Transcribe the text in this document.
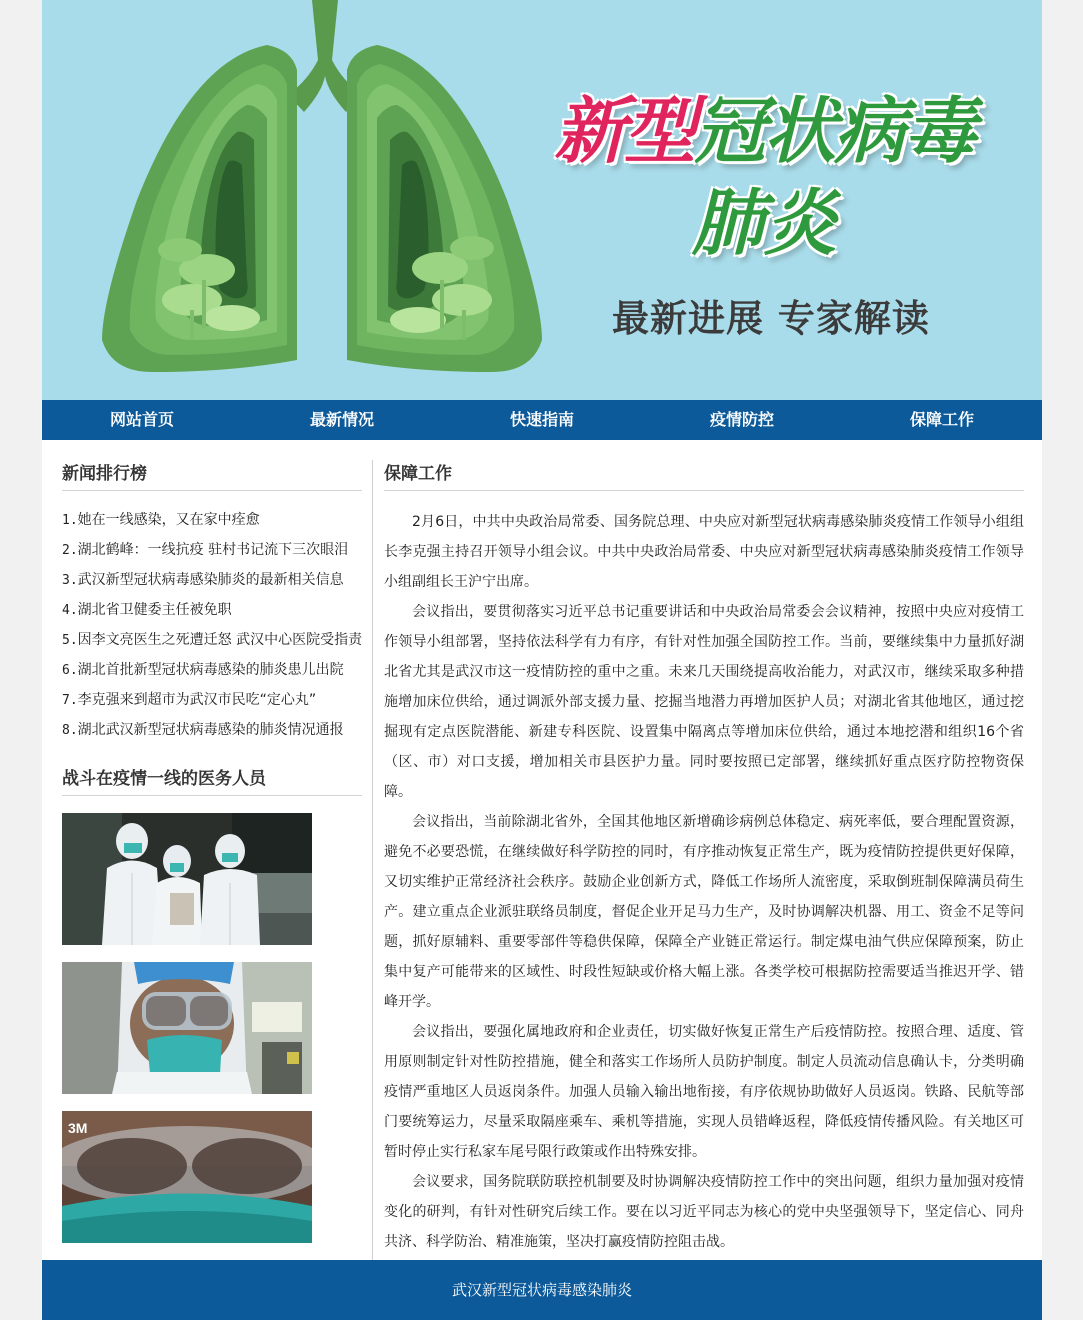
新型冠状病毒
肺炎
最新进展 专家解读
网站首页	最新情况	快速指南	疫情防控	保障工作
新闻排行榜
1.她在一线感染，又在家中痊愈
2.湖北鹤峰：一线抗疫 驻村书记流下三次眼泪
3.武汉新型冠状病毒感染肺炎的最新相关信息
4.湖北省卫健委主任被免职
5.因李文亮医生之死遭迁怒 武汉中心医院受指责
6.湖北首批新型冠状病毒感染的肺炎患儿出院
7.李克强来到超市为武汉市民吃“定心丸”
8.湖北武汉新型冠状病毒感染的肺炎情况通报
战斗在疫情一线的医务人员
3M
保障工作

2月6日，中共中央政治局常委、国务院总理、中央应对新型冠状病毒感染肺炎疫情工作领导小组组长李克强主持召开领导小组会议。中共中央政治局常委、中央应对新型冠状病毒感染肺炎疫情工作领导小组副组长王沪宁出席。

会议指出，要贯彻落实习近平总书记重要讲话和中央政治局常委会会议精神，按照中央应对疫情工作领导小组部署，坚持依法科学有力有序，有针对性加强全国防控工作。当前，要继续集中力量抓好湖北省尤其是武汉市这一疫情防控的重中之重。未来几天围绕提高收治能力，对武汉市，继续采取多种措施增加床位供给，通过调派外部支援力量、挖掘当地潜力再增加医护人员；对湖北省其他地区，通过挖掘现有定点医院潜能、新建专科医院、设置集中隔离点等增加床位供给，通过本地挖潜和组织16个省（区、市）对口支援，增加相关市县医护力量。同时要按照已定部署，继续抓好重点医疗防控物资保障。

会议指出，当前除湖北省外，全国其他地区新增确诊病例总体稳定、病死率低，要合理配置资源，避免不必要恐慌，在继续做好科学防控的同时，有序推动恢复正常生产，既为疫情防控提供更好保障，又切实维护正常经济社会秩序。鼓励企业创新方式，降低工作场所人流密度，采取倒班制保障满员荷生产。建立重点企业派驻联络员制度，督促企业开足马力生产，及时协调解决机器、用工、资金不足等问题，抓好原辅料、重要零部件等稳供保障，保障全产业链正常运行。制定煤电油气供应保障预案，防止集中复产可能带来的区域性、时段性短缺或价格大幅上涨。各类学校可根据防控需要适当推迟开学、错峰开学。

会议指出，要强化属地政府和企业责任，切实做好恢复正常生产后疫情防控。按照合理、适度、管用原则制定针对性防控措施，健全和落实工作场所人员防护制度。制定人员流动信息确认卡，分类明确疫情严重地区人员返岗条件。加强人员输入输出地衔接，有序依规协助做好人员返岗。铁路、民航等部门要统筹运力，尽量采取隔座乘车、乘机等措施，实现人员错峰返程，降低疫情传播风险。有关地区可暂时停止实行私家车尾号限行政策或作出特殊安排。

会议要求，国务院联防联控机制要及时协调解决疫情防控工作中的突出问题，组织力量加强对疫情变化的研判，有针对性研究后续工作。要在以习近平同志为核心的党中央坚强领导下，坚定信心、同舟共济、科学防治、精准施策，坚决打赢疫情防控阻击战。

武汉新型冠状病毒感染肺炎
